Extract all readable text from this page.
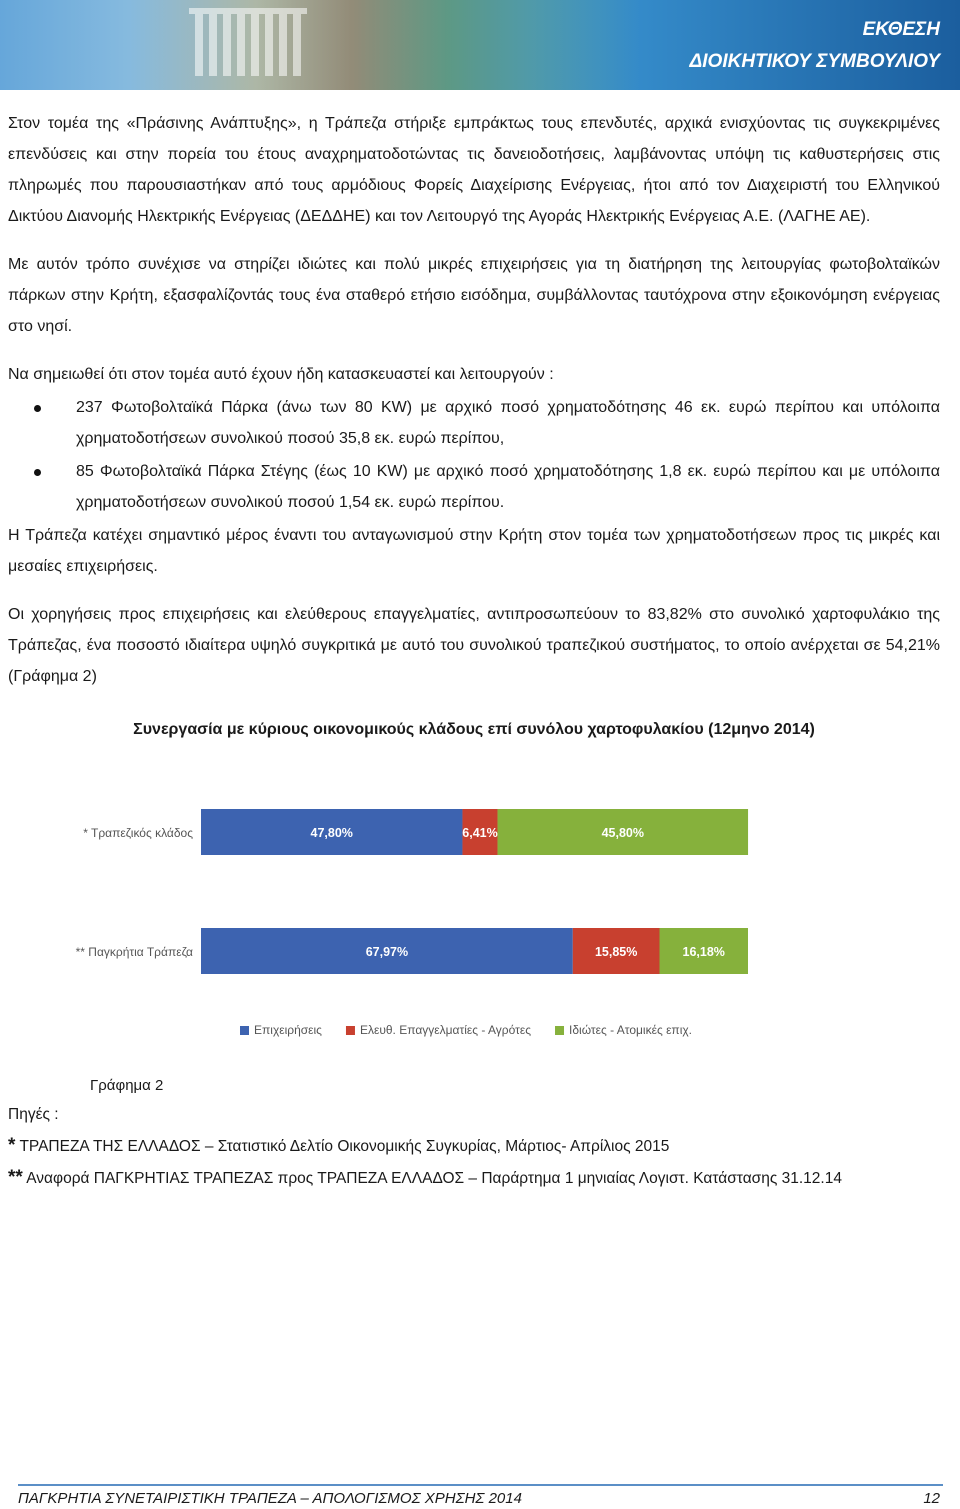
ΕΚΘΕΣΗ
ΔΙΟΙΚΗΤΙΚΟΥ ΣΥΜΒΟΥΛΙΟΥ

Στον τομέα της «Πράσινης Ανάπτυξης», η Τράπεζα στήριξε εμπράκτως τους επενδυτές, αρχικά ενισχύοντας τις συγκεκριμένες επενδύσεις και στην πορεία του έτους αναχρηματοδοτώντας τις δανειοδοτήσεις, λαμβάνοντας υπόψη τις καθυστερήσεις στις πληρωμές που παρουσιαστήκαν από τους αρμόδιους Φορείς Διαχείρισης Ενέργειας, ήτοι από τον Διαχειριστή του Ελληνικού Δικτύου Διανομής Ηλεκτρικής Ενέργειας (ΔΕΔΔΗΕ) και τον Λειτουργό της Αγοράς Ηλεκτρικής Ενέργειας Α.Ε. (ΛΑΓΗΕ ΑΕ).

Με αυτόν τρόπο συνέχισε να στηρίζει ιδιώτες και πολύ μικρές επιχειρήσεις για τη διατήρηση της λειτουργίας φωτοβολταϊκών πάρκων στην Κρήτη, εξασφαλίζοντάς τους ένα σταθερό ετήσιο εισόδημα, συμβάλλοντας ταυτόχρονα στην εξοικονόμηση ενέργειας στο νησί.

Να σημειωθεί ότι στον τομέα αυτό έχουν ήδη κατασκευαστεί και λειτουργούν :

237 Φωτοβολταϊκά Πάρκα (άνω των 80 KW) με αρχικό ποσό χρηματοδότησης 46 εκ. ευρώ περίπου και υπόλοιπα χρηματοδοτήσεων συνολικού ποσού 35,8 εκ. ευρώ περίπου,
85 Φωτοβολταϊκά Πάρκα Στέγης (έως 10 KW) με αρχικό ποσό χρηματοδότησης 1,8 εκ. ευρώ περίπου και με υπόλοιπα χρηματοδοτήσεων συνολικού ποσού 1,54 εκ. ευρώ περίπου.

Η Τράπεζα κατέχει σημαντικό μέρος έναντι του ανταγωνισμού στην Κρήτη στον τομέα των χρηματοδοτήσεων προς τις μικρές και μεσαίες επιχειρήσεις.

Οι χορηγήσεις προς επιχειρήσεις και ελεύθερους επαγγελματίες, αντιπροσωπεύουν το 83,82% στο συνολικό χαρτοφυλάκιο της Τράπεζας, ένα ποσοστό ιδιαίτερα υψηλό συγκριτικά με αυτό του συνολικού τραπεζικού συστήματος, το οποίο ανέρχεται σε 54,21% (Γράφημα 2)

Συνεργασία με κύριους οικονομικούς κλάδους επί συνόλου χαρτοφυλακίου (12μηνο 2014)
* Τραπεζικός κλάδος	47,80%	6,41%	45,80%
** Παγκρήτια Τράπεζα	67,97%	15,85%	16,18%
Επιχειρήσεις	Ελευθ. Επαγγελματίες - Αγρότες	Ιδιώτες - Ατομικές επιχ.
Γράφημα 2
Πηγές :
* ΤΡΑΠΕΖΑ ΤΗΣ ΕΛΛΑΔΟΣ – Στατιστικό Δελτίο Οικονομικής Συγκυρίας, Μάρτιος- Απρίλιος 2015
** Αναφορά ΠΑΓΚΡΗΤΙΑΣ ΤΡΑΠΕΖΑΣ προς ΤΡΑΠΕΖΑ ΕΛΛΑΔΟΣ – Παράρτημα 1 μηνιαίας Λογιστ. Κατάστασης 31.12.14
ΠΑΓΚΡΗΤΙΑ ΣΥΝΕΤΑΙΡΙΣΤΙΚΗ ΤΡΑΠΕΖΑ – ΑΠΟΛΟΓΙΣΜΟΣ ΧΡΗΣΗΣ 2014	12
